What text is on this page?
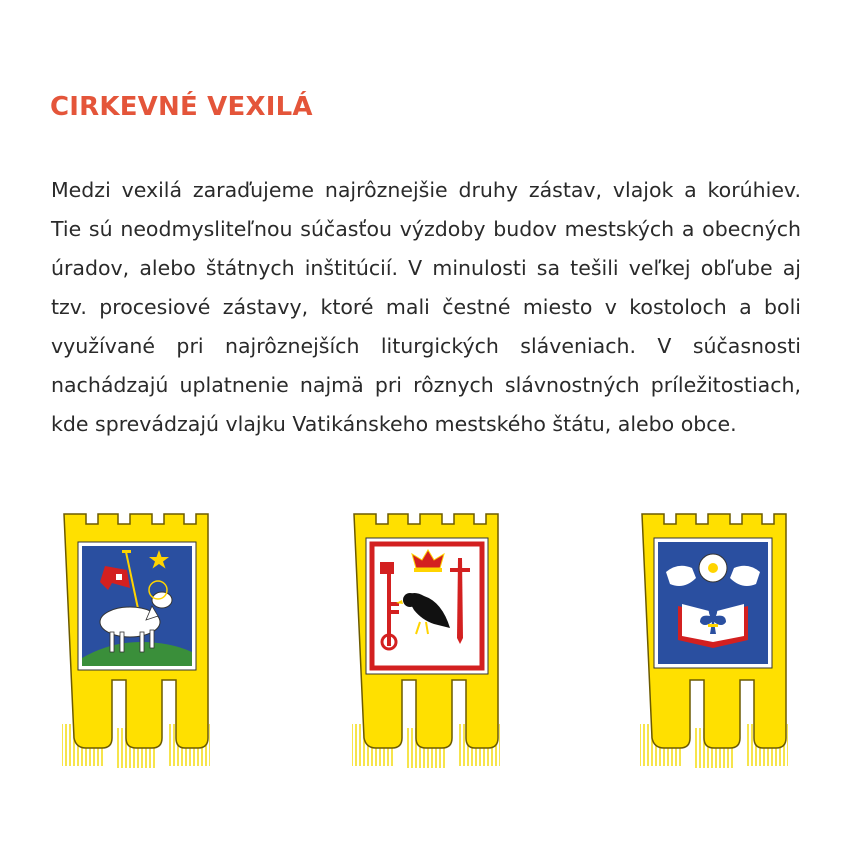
CIRKEVNÉ VEXILÁ

Medzi vexilá zaraďujeme najrôznejšie druhy zástav, vlajok a korúhiev. Tie sú neodmysliteľnou súčasťou výzdoby budov mestských a obecných úradov, alebo štátnych inštitúcií. V minulosti sa tešili veľkej obľube aj tzv. procesiové zástavy, ktoré mali čestné miesto v kostoloch a boli využívané pri najrôznejších liturgických sláveniach. V súčasnosti nachádzajú uplatnenie najmä pri rôznych slávnostných príležitostiach, kde sprevádzajú vlajku Vatikánskeho mestského štátu, alebo obce.
